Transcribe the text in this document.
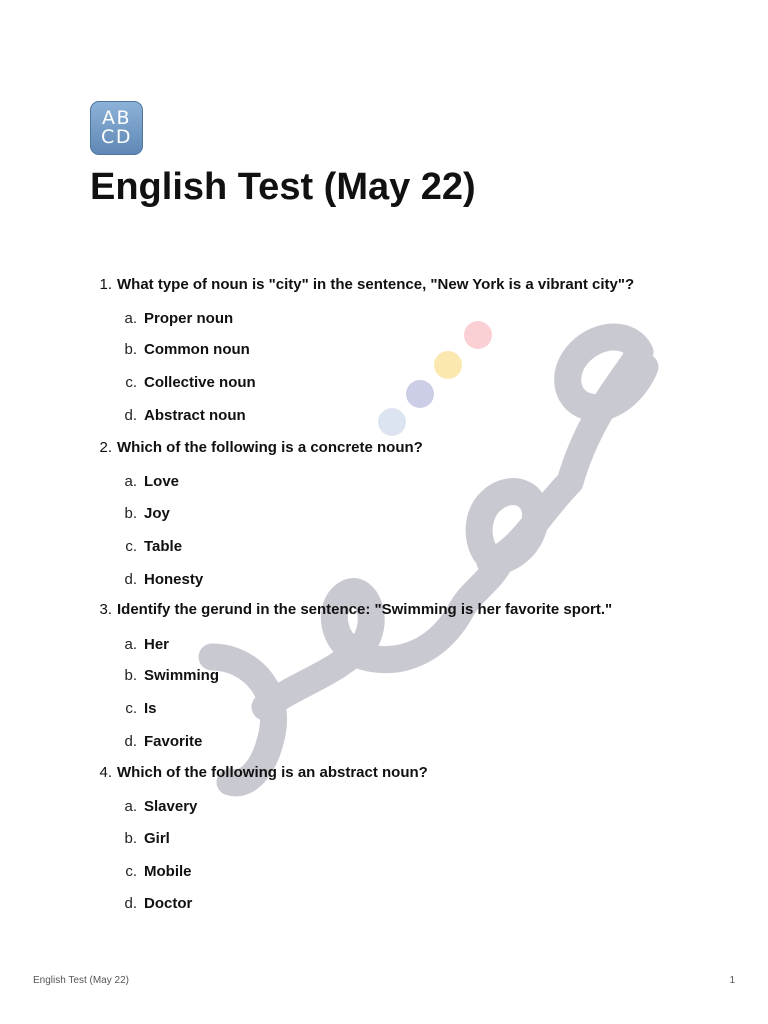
AB
CD
English Test (May 22)
1. What type of noun is "city" in the sentence, "New York is a vibrant city"?
a. Proper noun
b. Common noun
c. Collective noun
d. Abstract noun
2. Which of the following is a concrete noun?
a. Love
b. Joy
c. Table
d. Honesty
3. Identify the gerund in the sentence: "Swimming is her favorite sport."
a. Her
b. Swimming
c. Is
d. Favorite
4. Which of the following is an abstract noun?
a. Slavery
b. Girl
c. Mobile
d. Doctor
English Test (May 22)	1
